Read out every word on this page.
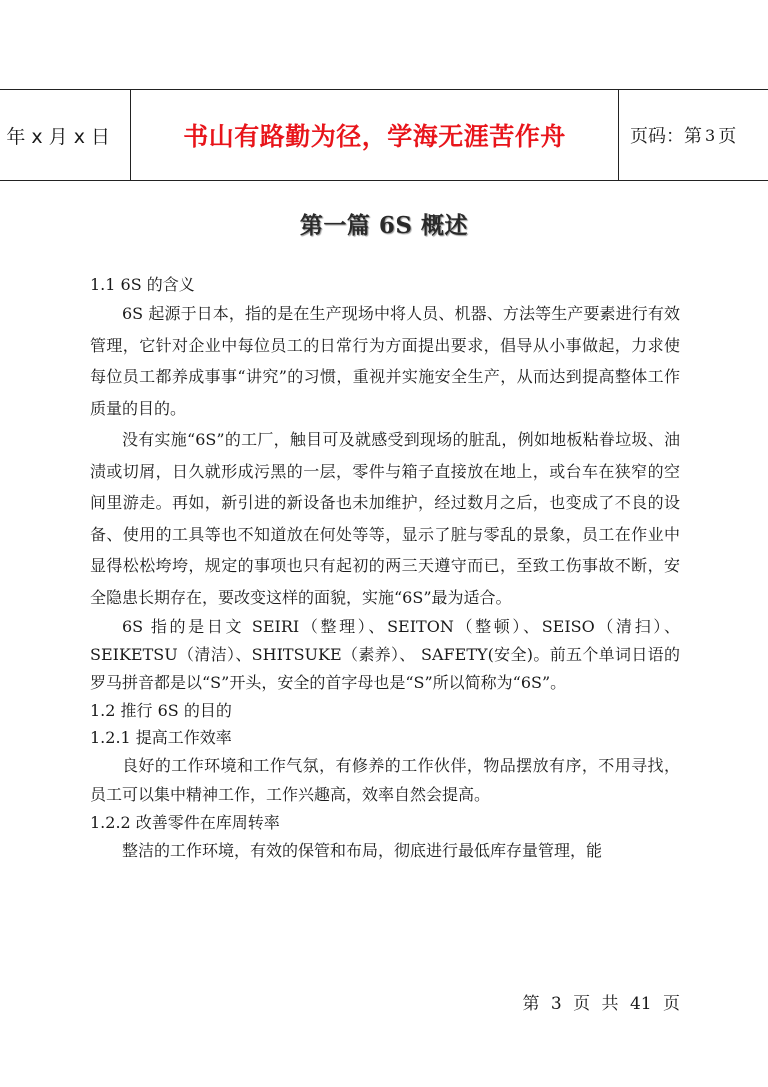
年 x 月 x 日	书山有路勤为径，学海无涯苦作舟	页码：第 3 页
第一篇 6S 概述
1.1 6S 的含义

6S 起源于日本，指的是在生产现场中将人员、机器、方法等生产要素进行有效管理，它针对企业中每位员工的日常行为方面提出要求，倡导从小事做起，力求使每位员工都养成事事“讲究”的习惯，重视并实施安全生产，从而达到提高整体工作质量的目的。

没有实施“6S”的工厂，触目可及就感受到现场的脏乱，例如地板粘眷垃圾、油渍或切屑，日久就形成污黑的一层，零件与箱子直接放在地上，或台车在狭窄的空间里游走。再如，新引进的新设备也未加维护，经过数月之后，也变成了不良的设备、使用的工具等也不知道放在何处等等，显示了脏与零乱的景象，员工在作业中显得松松垮垮，规定的事项也只有起初的两三天遵守而已，至致工伤事故不断，安全隐患长期存在，要改变这样的面貌，实施“6S”最为适合。

6S 指的是日文 SEIRI（整理）、SEITON（整顿）、SEISO（清扫）、SEIKETSU（清洁）、SHITSUKE（素养）、 SAFETY(安全)。前五个单词日语的罗马拼音都是以“S”开头，安全的首字母也是“S”所以简称为“6S”。

1.2 推行 6S 的目的
1.2.1 提高工作效率

良好的工作环境和工作气氛，有修养的工作伙伴，物品摆放有序，不用寻找，员工可以集中精神工作，工作兴趣高，效率自然会提高。

1.2.2 改善零件在库周转率

整洁的工作环境，有效的保管和布局，彻底进行最低库存量管理，能

第 3 页 共 41 页
